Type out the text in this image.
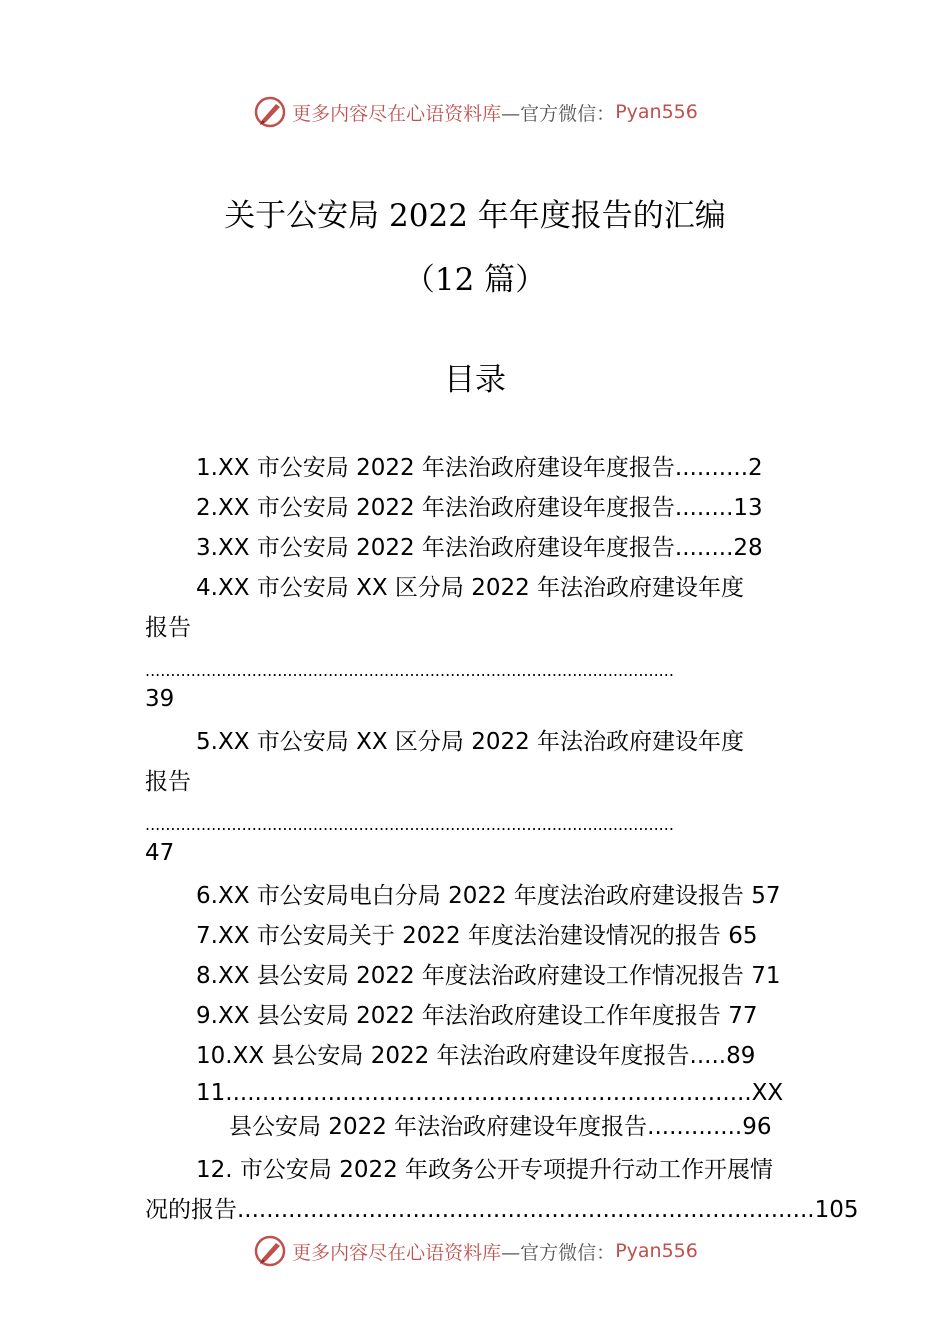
更多内容尽在心语资料库 —官方微信： Pyan556
关于公安局 2022 年年度报告的汇编
（12 篇）
目录
1.XX 市公安局 2022 年法治政府建设年度报告..........2
2.XX 市公安局 2022 年法治政府建设年度报告........13
3.XX 市公安局 2022 年法治政府建设年度报告........28
4.XX 市公安局 XX 区分局 2022 年法治政府建设年度
报告
........................................................................................................
39
5.XX 市公安局 XX 区分局 2022 年法治政府建设年度
报告
........................................................................................................
47
6.XX 市公安局电白分局 2022 年度法治政府建设报告 57
7.XX 市公安局关于 2022 年度法治建设情况的报告 65
8.XX 县公安局 2022 年度法治政府建设工作情况报告 71
9.XX 县公安局 2022 年法治政府建设工作年度报告 77
10.XX 县公安局 2022 年法治政府建设年度报告.....89
11........................................................................XX
县公安局 2022 年法治政府建设年度报告.............96
12. 市公安局 2022 年政务公开专项提升行动工作开展情
况的报告...............................................................................105
更多内容尽在心语资料库 —官方微信： Pyan556
